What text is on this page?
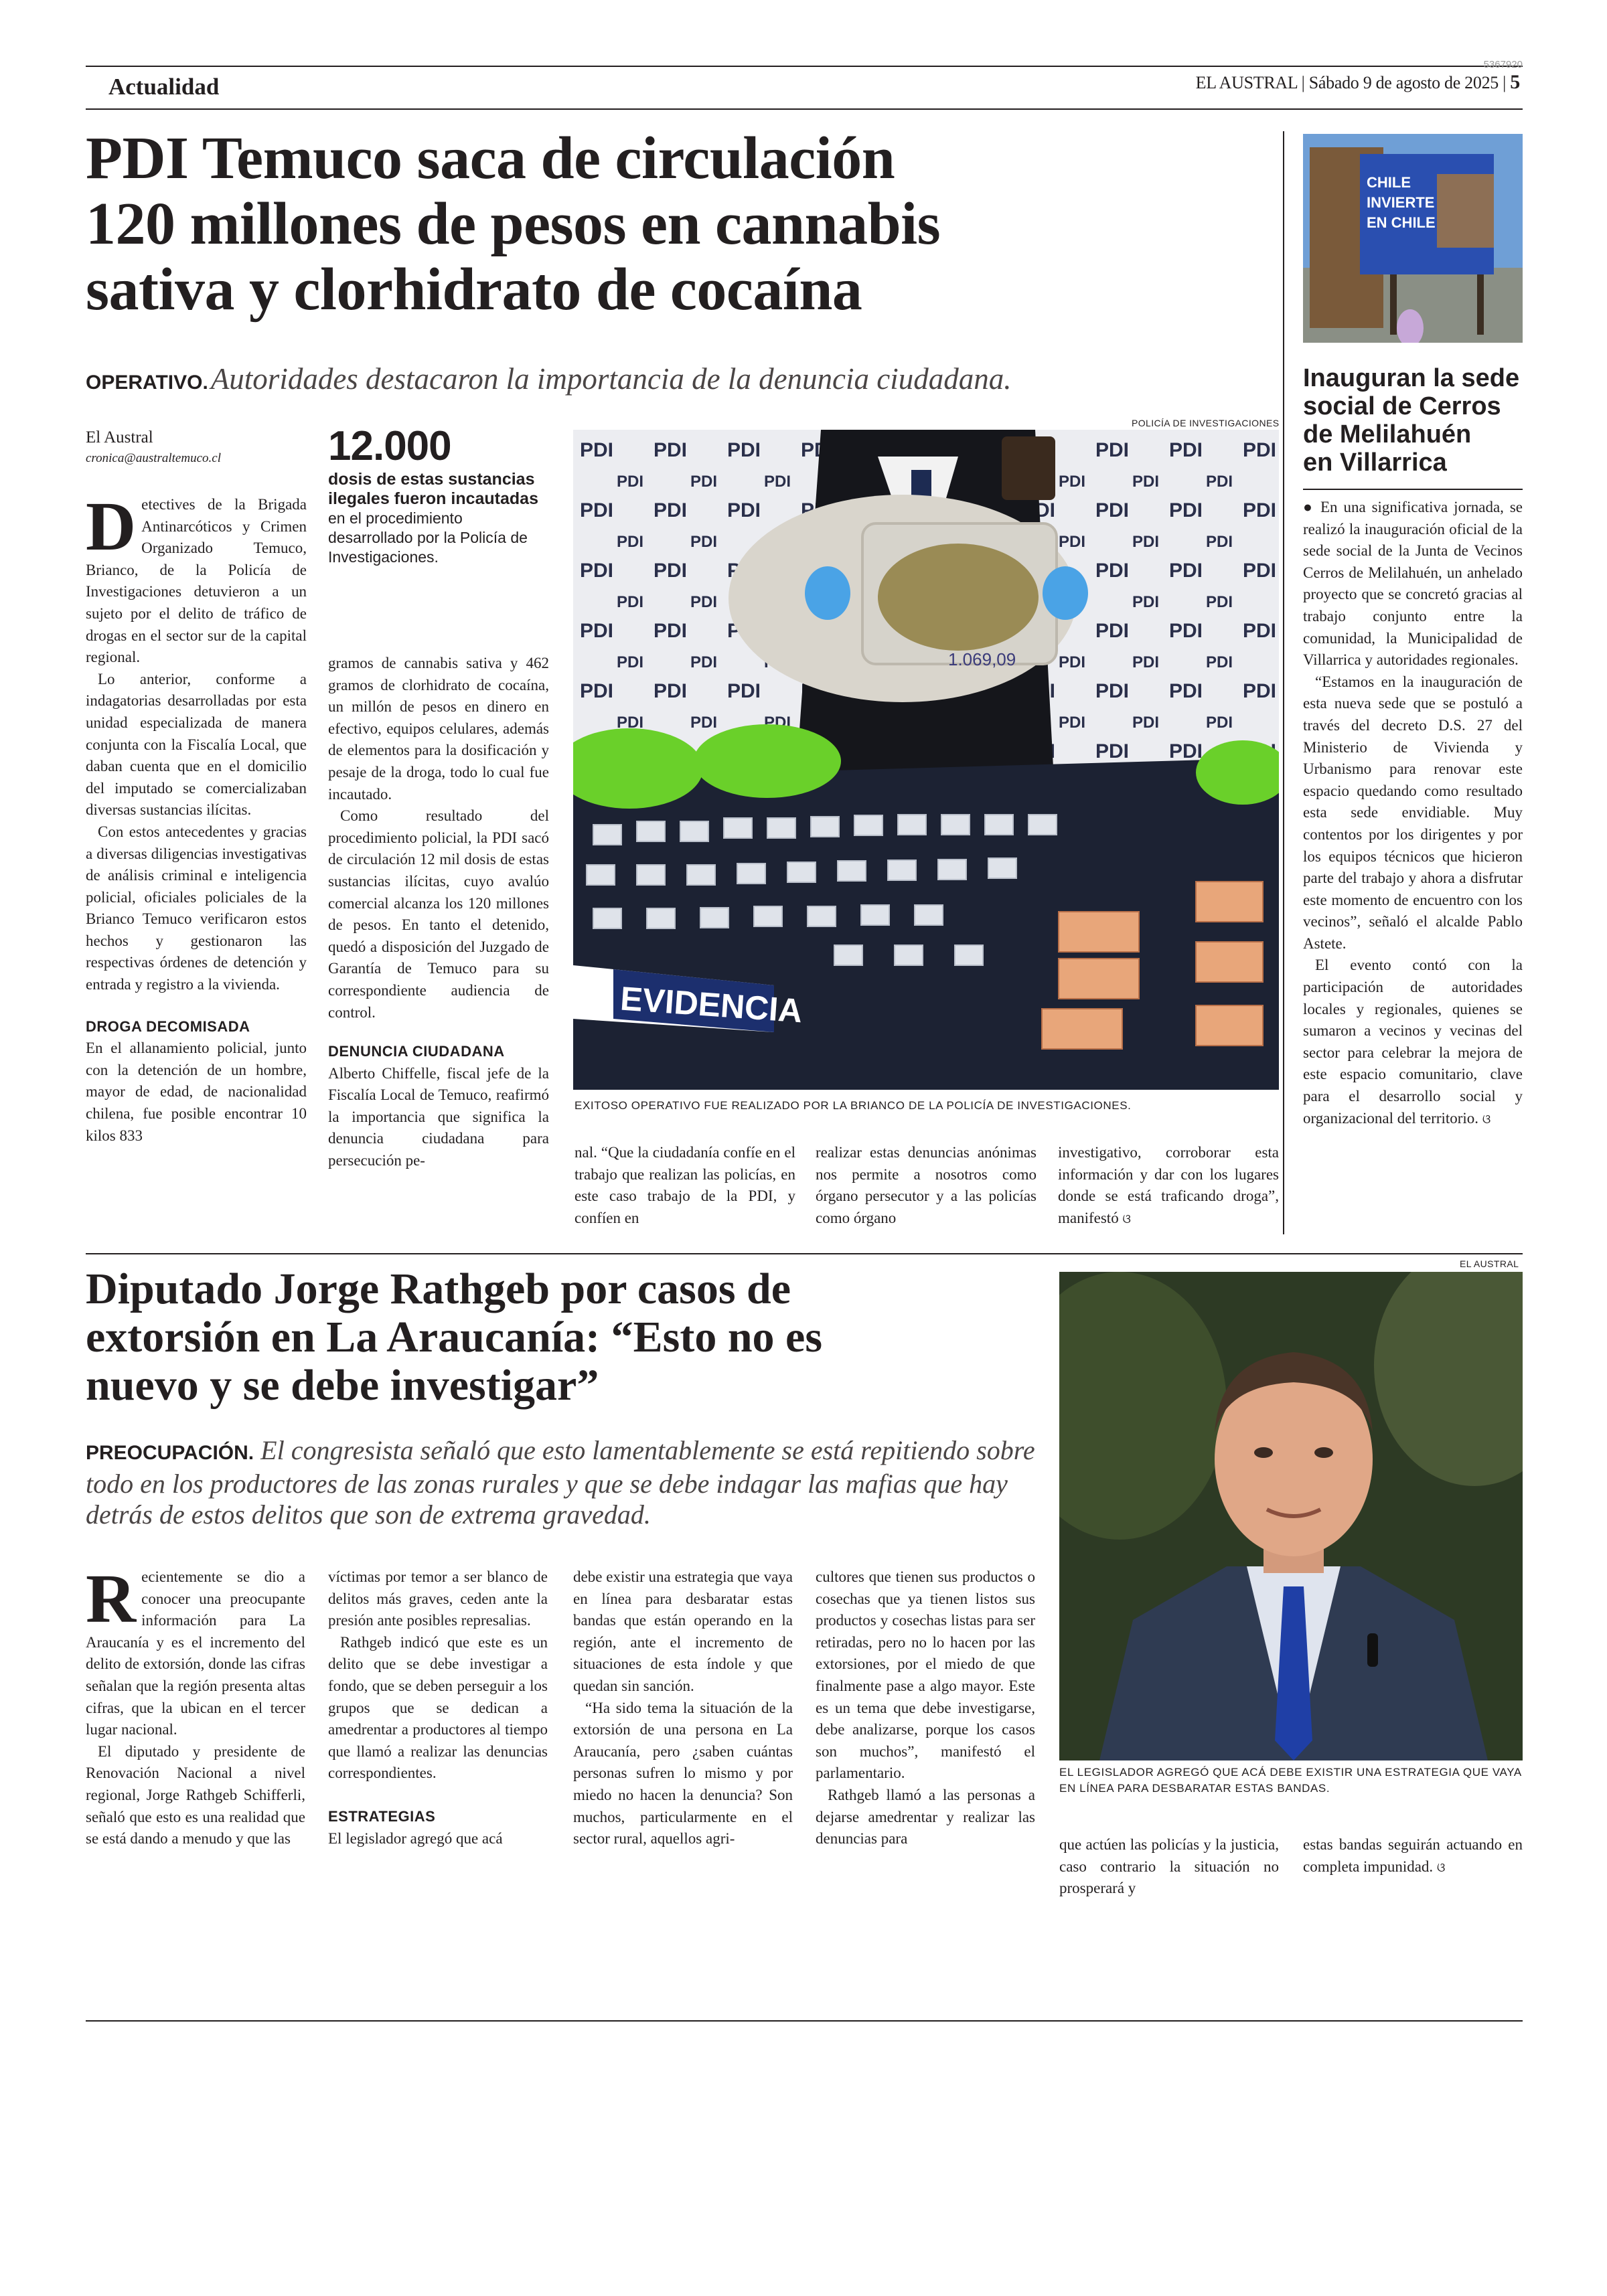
Actualidad	EL AUSTRAL | Sábado 9 de agosto de 2025 | 5
5367920
PDI Temuco saca de circulación
120 millones de pesos en cannabis
sativa y clorhidrato de cocaína
OPERATIVO. Autoridades destacaron la importancia de la denuncia ciudadana.
El Austral
cronica@australtemuco.cl	12.000
dosis de estas sustancias ilegales fueron incautadas en el procedimiento desarrollado por la Policía de Investigaciones.
POLICÍA DE INVESTIGACIONES
1.069,09
EVIDENCIA
EXITOSO OPERATIVO FUE REALIZADO POR LA BRIANCO DE LA POLICÍA DE INVESTIGACIONES.

Detectives de la Brigada Antinarcóticos y Crimen Organizado Temuco, Brianco, de la Policía de Investigaciones detuvieron a un sujeto por el delito de tráfico de drogas en el sector sur de la capital regional.

Lo anterior, conforme a indagatorias desarrolladas por esta unidad especializada de manera conjunta con la Fiscalía Local, que daban cuenta que en el domicilio del imputado se comercializaban diversas sustancias ilícitas.

Con estos antecedentes y gracias a diversas diligencias investigativas de análisis criminal e inteligencia policial, oficiales policiales de la Brianco Temuco verificaron estos hechos y gestionaron las respectivas órdenes de detención y entrada y registro a la vivienda.

DROGA DECOMISADA

En el allanamiento policial, junto con la detención de un hombre, mayor de edad, de nacionalidad chilena, fue posible encontrar 10 kilos 833

gramos de cannabis sativa y 462 gramos de clorhidrato de cocaína, un millón de pesos en dinero en efectivo, equipos celulares, además de elementos para la dosificación y pesaje de la droga, todo lo cual fue incautado.

Como resultado del procedimiento policial, la PDI sacó de circulación 12 mil dosis de estas sustancias ilícitas, cuyo avalúo comercial alcanza los 120 millones de pesos. En tanto el detenido, quedó a disposición del Juzgado de Garantía de Temuco para su correspondiente audiencia de control.

DENUNCIA CIUDADANA

Alberto Chiffelle, fiscal jefe de la Fiscalía Local de Temuco, reafirmó la importancia que significa la denuncia ciudadana para persecución pe-	nal. “Que la ciudadanía confíe en el trabajo que realizan las policías, en este caso trabajo de la PDI, y confíen en

realizar estas denuncias anónimas nos permite a nosotros como órgano persecutor y a las policías como órgano

investigativo, corroborar esta información y dar con los lugares donde se está traficando droga”, manifestó ଓ

CHILE
INVIERTE
EN CHILE
Inauguran la sede
social de Cerros
de Melilahuén
en Villarrica

● En una significativa jornada, se realizó la inauguración oficial de la sede social de la Junta de Vecinos Cerros de Melilahuén, un anhelado proyecto que se concretó gracias al trabajo conjunto entre la comunidad, la Municipalidad de Villarrica y autoridades regionales.

“Estamos en la inauguración de esta nueva sede que se postuló a través del decreto D.S. 27 del Ministerio de Vivienda y Urbanismo para renovar este espacio quedando como resultado esta sede envidiable. Muy contentos por los dirigentes y por los equipos técnicos que hicieron parte del trabajo y ahora a disfrutar este momento de encuentro con los vecinos”, señaló el alcalde Pablo Astete.

El evento contó con la participación de autoridades locales y regionales, quienes se sumaron a vecinos y vecinas del sector para celebrar la mejora de este espacio comunitario, clave para el desarrollo social y organizacional del territorio. ଓ

Diputado Jorge Rathgeb por casos de
extorsión en La Araucanía: “Esto no es
nuevo y se debe investigar”
PREOCUPACIÓN. El congresista señaló que esto lamentablemente se está repitiendo sobre todo en los productores de las zonas rurales y que se debe indagar las mafias que hay detrás de estos delitos que son de extrema gravedad.
EL AUSTRAL
EL LEGISLADOR AGREGÓ QUE ACÁ DEBE EXISTIR UNA ESTRATEGIA QUE VAYA EN LÍNEA PARA DESBARATAR ESTAS BANDAS.

Recientemente se dio a conocer una preocupante información para La Araucanía y es el incremento del delito de extorsión, donde las cifras señalan que la región presenta altas cifras, que la ubican en el tercer lugar nacional.

El diputado y presidente de Renovación Nacional a nivel regional, Jorge Rathgeb Schifferli, señaló que esto es una realidad que se está dando a menudo y que las

víctimas por temor a ser blanco de delitos más graves, ceden ante la presión ante posibles represalias.

Rathgeb indicó que este es un delito que se debe investigar a fondo, que se deben perseguir a los grupos que se dedican a amedrentar a productores al tiempo que llamó a realizar las denuncias correspondientes.

ESTRATEGIAS

El legislador agregó que acá

debe existir una estrategia que vaya en línea para desbaratar estas bandas que están operando en la región, ante el incremento de situaciones de esta índole y que quedan sin sanción.

“Ha sido tema la situación de la extorsión de una persona en La Araucanía, pero ¿saben cuántas personas sufren lo mismo y por miedo no hacen la denuncia? Son muchos, particularmente en el sector rural, aquellos agri-

cultores que tienen sus productos o cosechas que ya tienen listos sus productos y cosechas listas para ser retiradas, pero no lo hacen por las extorsiones, por el miedo de que finalmente pase a algo mayor. Este es un tema que debe investigarse, debe analizarse, porque los casos son muchos”, manifestó el parlamentario.

Rathgeb llamó a las personas a dejarse amedrentar y realizar las denuncias para	que actúen las policías y la justicia, caso contrario la situación no prosperará y

estas bandas seguirán actuando en completa impunidad. ଓ
